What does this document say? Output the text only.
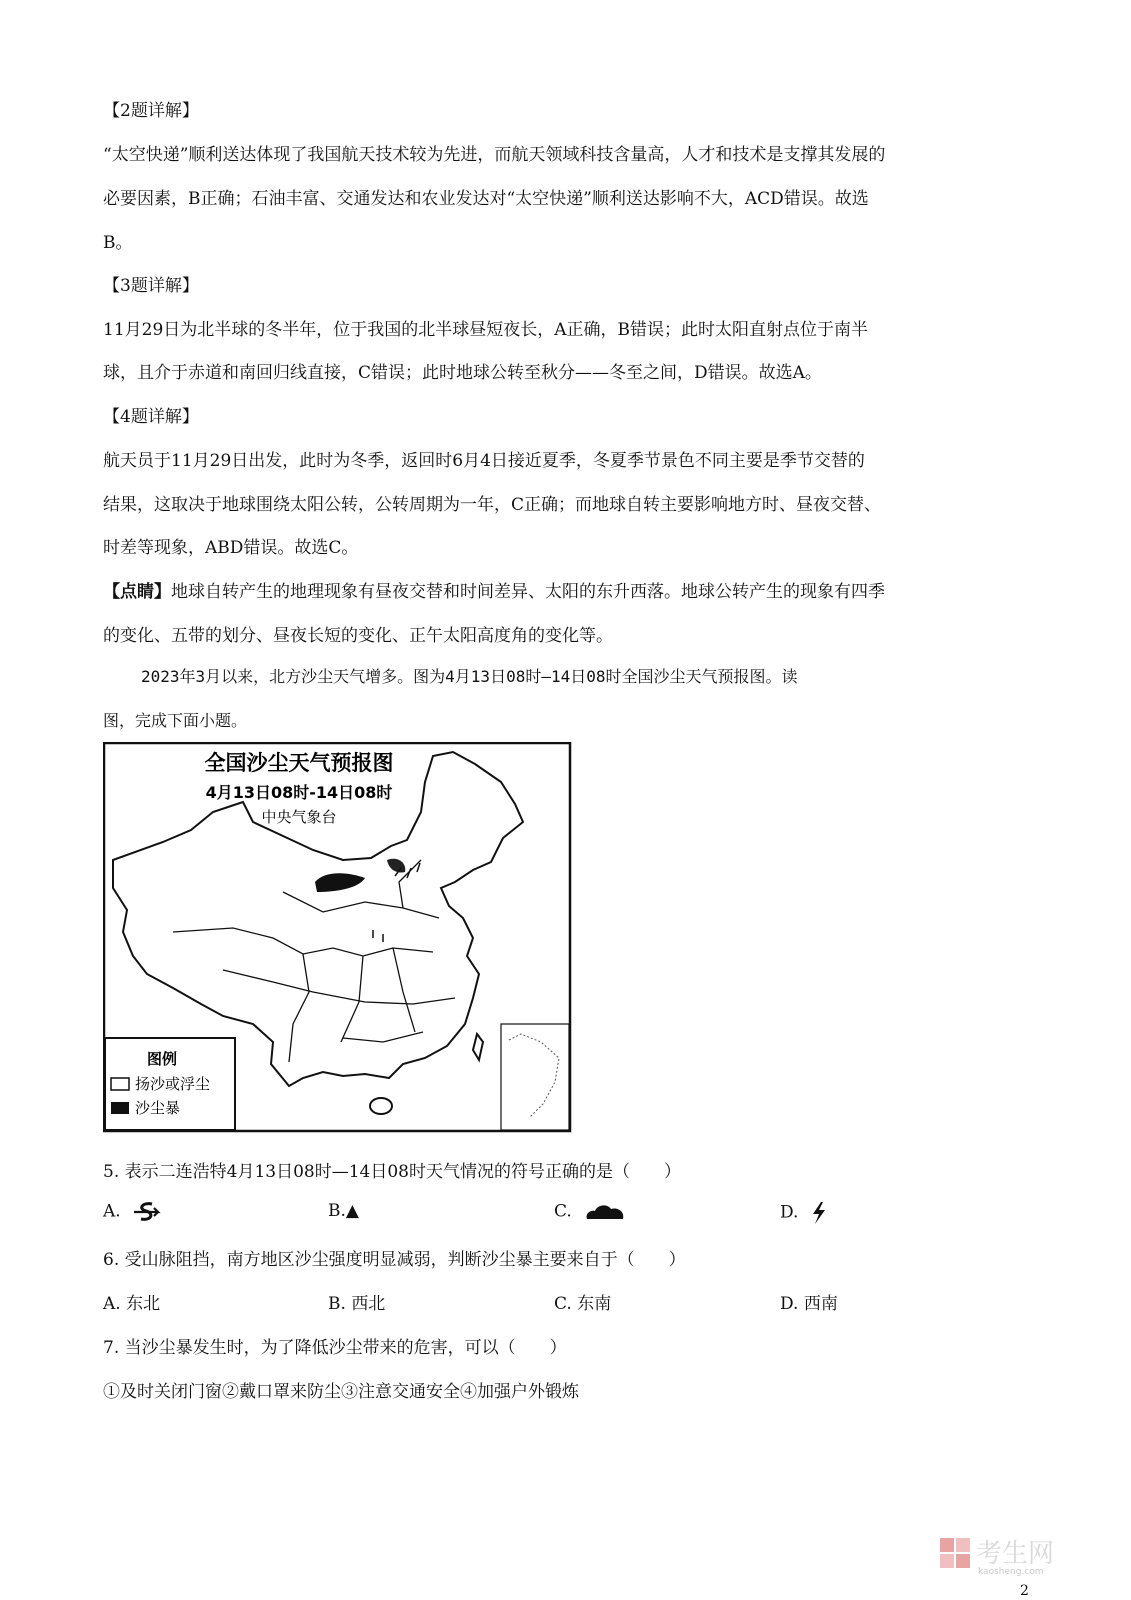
【2题详解】
“太空快递”顺利送达体现了我国航天技术较为先进，而航天领域科技含量高，人才和技术是支撑其发展的
必要因素，B正确；石油丰富、交通发达和农业发达对“太空快递”顺利送达影响不大，ACD错误。故选
B。
【3题详解】
11月29日为北半球的冬半年，位于我国的北半球昼短夜长，A正确，B错误；此时太阳直射点位于南半
球，且介于赤道和南回归线直接，C错误；此时地球公转至秋分——冬至之间，D错误。故选A。
【4题详解】
航天员于11月29日出发，此时为冬季，返回时6月4日接近夏季，冬夏季节景色不同主要是季节交替的
结果，这取决于地球围绕太阳公转，公转周期为一年，C正确；而地球自转主要影响地方时、昼夜交替、
时差等现象，ABD错误。故选C。
【点睛】地球自转产生的地理现象有昼夜交替和时间差异、太阳的东升西落。地球公转产生的现象有四季
的变化、五带的划分、昼夜长短的变化、正午太阳高度角的变化等。
2023年3月以来，北方沙尘天气增多。图为4月13日08时—14日08时全国沙尘天气预报图。读
图，完成下面小题。
全国沙尘天气预报图
4月13日08时-14日08时
中央气象台
图例
扬沙或浮尘
沙尘暴
5. 表示二连浩特4月13日08时—14日08时天气情况的符号正确的是（　　）
A.	B.▲	C.	D.
6. 受山脉阻挡，南方地区沙尘强度明显减弱，判断沙尘暴主要来自于（　　）
A. 东北	B. 西北	C. 东南	D. 西南
7. 当沙尘暴发生时，为了降低沙尘带来的危害，可以（　　）
①及时关闭门窗②戴口罩来防尘③注意交通安全④加强户外锻炼
考生网
kaosheng.com
2
